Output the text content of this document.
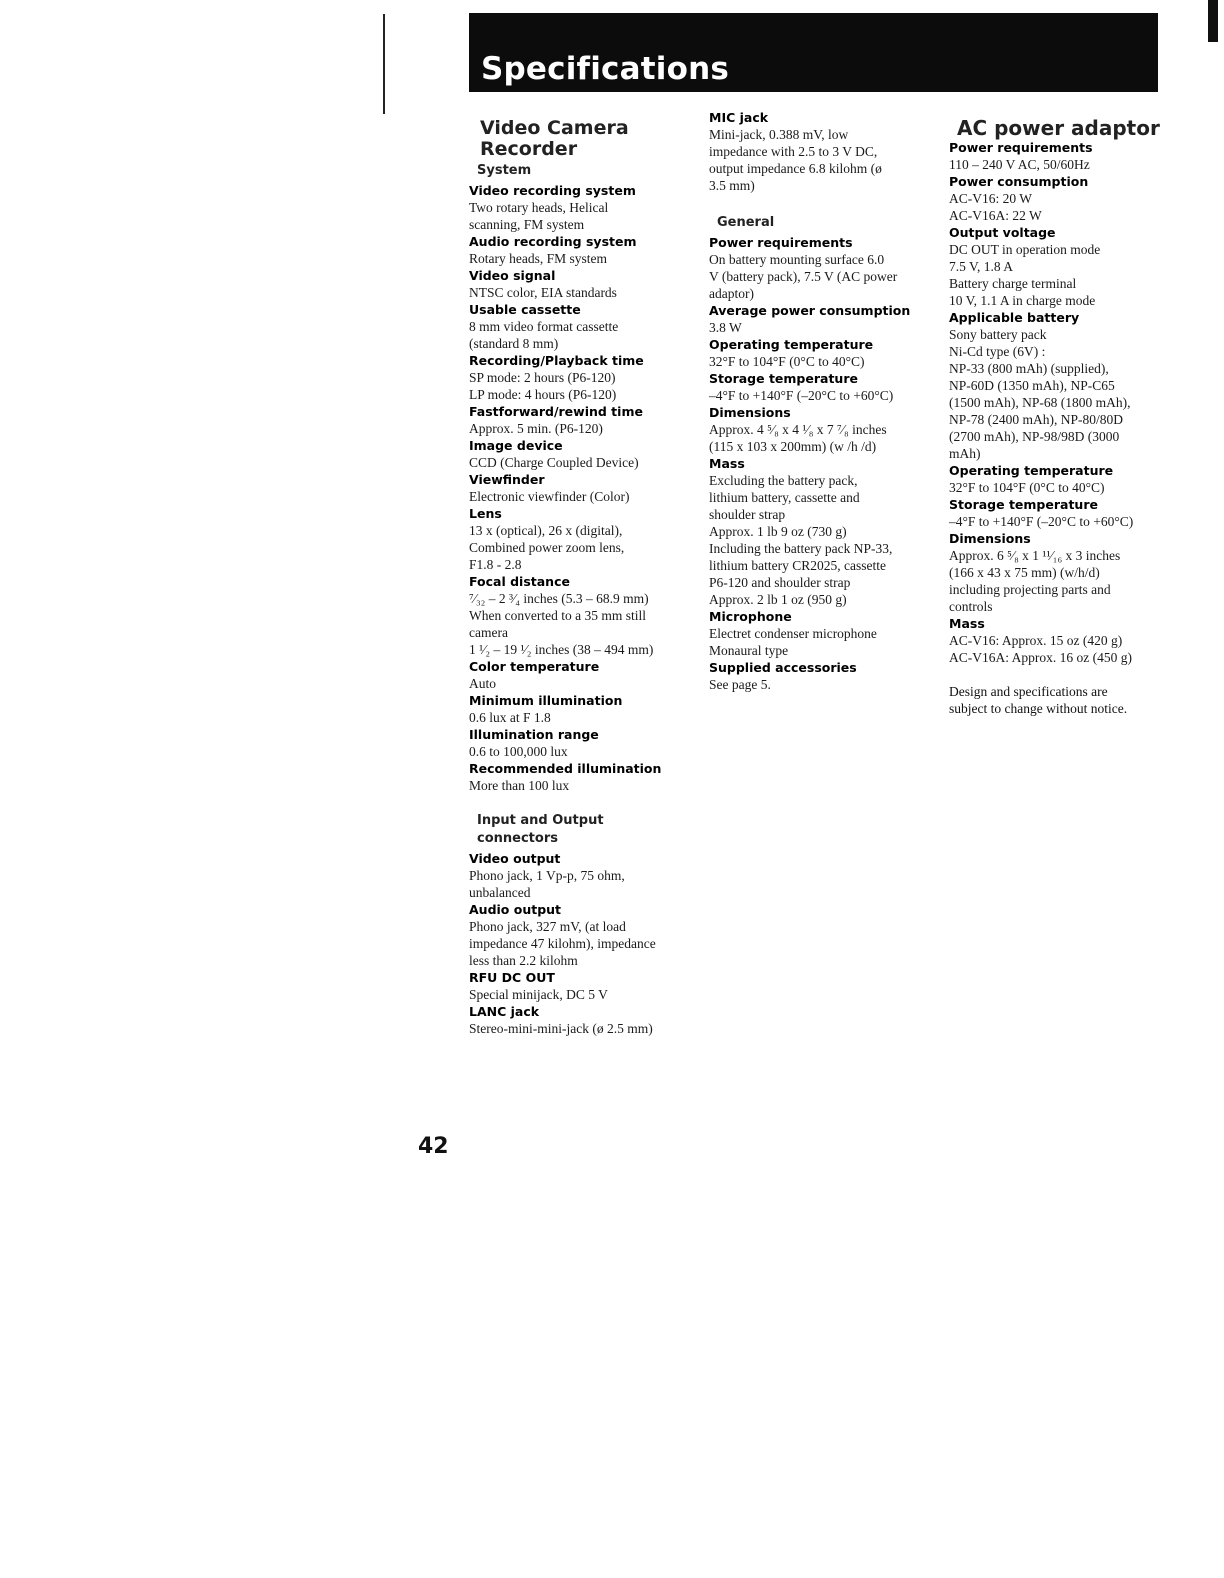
Specifications
Video Camera
Recorder
System
Video recording system
Two rotary heads, Helical
scanning, FM system
Audio recording system
Rotary heads, FM system
Video signal
NTSC color, EIA standards
Usable cassette
8 mm video format cassette
(standard 8 mm)
Recording/Playback time
SP mode: 2 hours (P6-120)
LP mode: 4 hours (P6-120)
Fastforward/rewind time
Approx. 5 min. (P6-120)
Image device
CCD (Charge Coupled Device)
Viewfinder
Electronic viewfinder (Color)
Lens
13 x (optical), 26 x (digital),
Combined power zoom lens,
F1.8 - 2.8
Focal distance
⁷⁄₃₂ – 2 ³⁄₄ inches (5.3 – 68.9 mm)
When converted to a 35 mm still
camera
1 ¹⁄₂ – 19 ¹⁄₂ inches (38 – 494 mm)
Color temperature
Auto
Minimum illumination
0.6 lux at F 1.8
Illumination range
0.6 to 100,000 lux
Recommended illumination
More than 100 lux
Input and Output
connectors
Video output
Phono jack, 1 Vp-p, 75 ohm,
unbalanced
Audio output
Phono jack, 327 mV, (at load
impedance 47 kilohm), impedance
less than 2.2 kilohm
RFU DC OUT
Special minijack, DC 5 V
LANC jack
Stereo-mini-mini-jack (ø 2.5 mm)
MIC jack
Mini-jack, 0.388 mV, low
impedance with 2.5 to 3 V DC,
output impedance 6.8 kilohm (ø
3.5 mm)
General
Power requirements
On battery mounting surface 6.0
V (battery pack), 7.5 V (AC power
adaptor)
Average power consumption
3.8 W
Operating temperature
32°F to 104°F (0°C to 40°C)
Storage temperature
–4°F to +140°F (–20°C to +60°C)
Dimensions
Approx. 4 ⁵⁄₈ x 4 ¹⁄₈ x 7 ⁷⁄₈ inches
(115 x 103 x 200mm) (w /h /d)
Mass
Excluding the battery pack,
lithium battery, cassette and
shoulder strap
Approx. 1 lb 9 oz (730 g)
Including the battery pack NP-33,
lithium battery CR2025, cassette
P6-120 and shoulder strap
Approx. 2 lb 1 oz (950 g)
Microphone
Electret condenser microphone
Monaural type
Supplied accessories
See page 5.
AC power adaptor
Power requirements
110 – 240 V AC, 50/60Hz
Power consumption
AC-V16: 20 W
AC-V16A: 22 W
Output voltage
DC OUT in operation mode
7.5 V, 1.8 A
Battery charge terminal
10 V, 1.1 A in charge mode
Applicable battery
Sony battery pack
Ni-Cd type (6V) :
NP-33 (800 mAh) (supplied),
NP-60D (1350 mAh), NP-C65
(1500 mAh), NP-68 (1800 mAh),
NP-78 (2400 mAh), NP-80/80D
(2700 mAh), NP-98/98D (3000
mAh)
Operating temperature
32°F to 104°F (0°C to 40°C)
Storage temperature
–4°F to +140°F (–20°C to +60°C)
Dimensions
Approx. 6 ⁵⁄₈ x 1 ¹¹⁄₁₆ x 3 inches
(166 x 43 x 75 mm) (w/h/d)
including projecting parts and
controls
Mass
AC-V16: Approx. 15 oz (420 g)
AC-V16A: Approx. 16 oz (450 g)
Design and specifications are
subject to change without notice.
42
